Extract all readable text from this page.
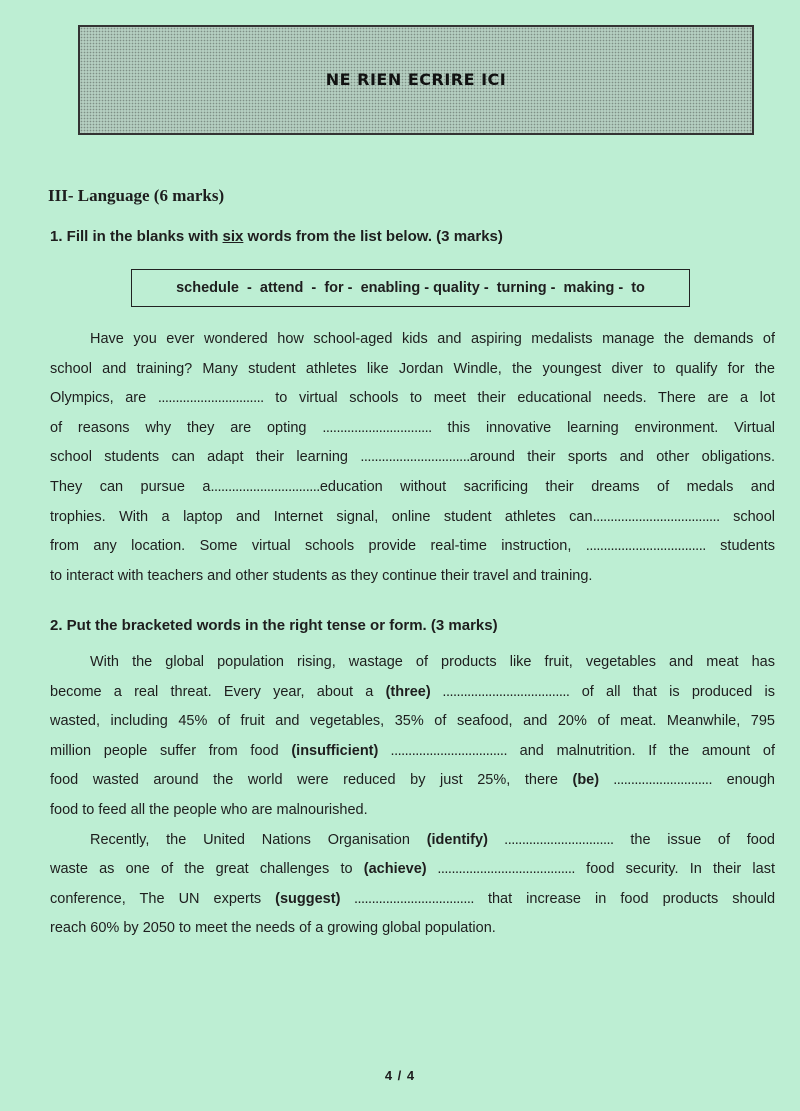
NE RIEN ECRIRE ICI
III- Language (6 marks)
1. Fill in the blanks with six words from the list below. (3 marks)
schedule  -  attend  -  for -  enabling - quality -  turning -  making -  to
Have you ever wondered how school-aged kids and aspiring medalists manage the demands of
school and training? Many student athletes like Jordan Windle, the youngest diver to qualify for the
Olympics, are .............................. to virtual schools to meet their educational needs. There are a lot
of reasons why they are opting ............................... this innovative learning environment. Virtual
school students can adapt their learning ...............................around their sports and other obligations.
They can pursue a...............................education without sacrificing their dreams of medals and
trophies. With a laptop and Internet signal, online student athletes can.................................... school
from any location. Some virtual schools provide real-time instruction, .................................. students
to interact with teachers and other students as they continue their travel and training.
2. Put the bracketed words in the right tense or form. (3 marks)
With the global population rising, wastage of products like fruit, vegetables and meat has
become a real threat. Every year, about a (three) .................................... of all that is produced is
wasted, including 45% of fruit and vegetables, 35% of seafood, and 20% of meat. Meanwhile, 795
million people suffer from food (insufficient) ................................. and malnutrition. If the amount of
food wasted around the world were reduced by just 25%, there (be) ............................ enough
food to feed all the people who are malnourished.
Recently, the United Nations Organisation (identify) ............................... the issue of food
waste as one of the great challenges to (achieve) ....................................... food security. In their last
conference, The UN experts (suggest) .................................. that increase in food products should
reach 60% by 2050 to meet the needs of a growing global population.
4 / 4
